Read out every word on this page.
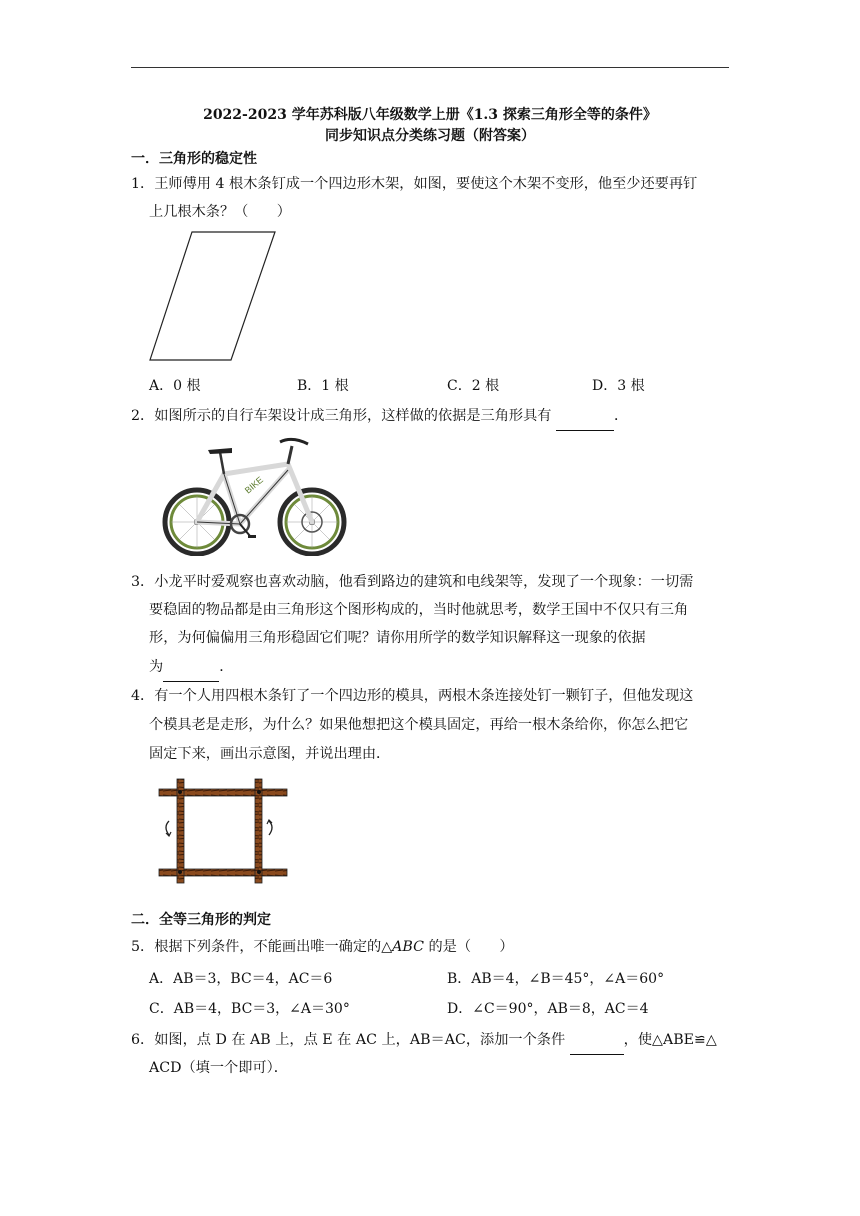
2022-2023 学年苏科版八年级数学上册《1.3 探索三角形全等的条件》
同步知识点分类练习题（附答案）
一．三角形的稳定性
1．王师傅用 4 根木条钉成一个四边形木架，如图，要使这个木架不变形，他至少还要再钉
上几根木条？（　　）
A．0 根	B．1 根	C．2 根	D．3 根
2．如图所示的自行车架设计成三角形，这样做的依据是三角形具有	．
BIKE
3．小龙平时爱观察也喜欢动脑，他看到路边的建筑和电线架等，发现了一个现象：一切需
要稳固的物品都是由三角形这个图形构成的，当时他就思考，数学王国中不仅只有三角
形，为何偏偏用三角形稳固它们呢？请你用所学的数学知识解释这一现象的依据
为	．
4．有一个人用四根木条钉了一个四边形的模具，两根木条连接处钉一颗钉子，但他发现这
个模具老是走形，为什么？如果他想把这个模具固定，再给一根木条给你，你怎么把它
固定下来，画出示意图，并说出理由．
二．全等三角形的判定
5．根据下列条件，不能画出唯一确定的△ABC 的是（　　）
A．AB＝3，BC＝4，AC＝6	B．AB＝4，∠B＝45°，∠A＝60°
C．AB＝4，BC＝3，∠A＝30°	D．∠C＝90°，AB＝8，AC＝4
6．如图，点 D 在 AB 上，点 E 在 AC 上，AB＝AC，添加一个条件	，使△ABE≌△
ACD（填一个即可）．
